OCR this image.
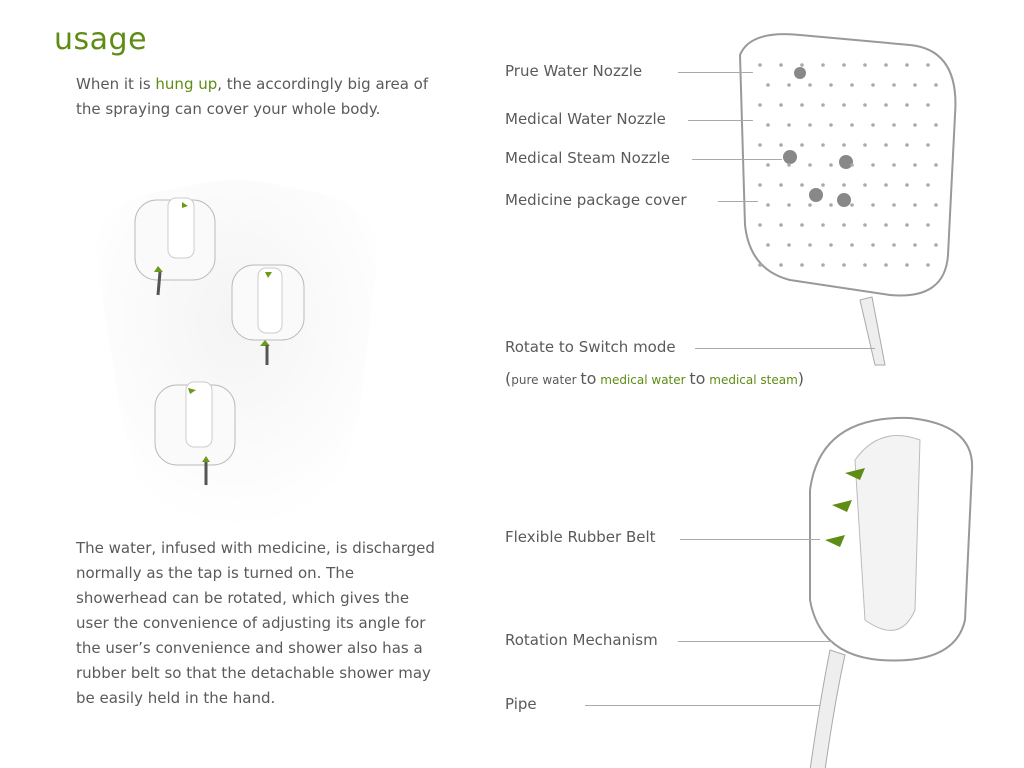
usage
When it is hung up, the accordingly big area of the spraying can cover your whole body.
The water, infused with medicine, is discharged normally as the tap is turned on. The showerhead can be rotated, which gives the user the convenience of adjusting its angle for the user’s convenience and shower also has a rubber belt so that the detachable shower may be easily held in the hand.
Prue Water Nozzle
Medical Water Nozzle
Medical Steam Nozzle
Medicine package cover
Rotate to Switch mode
(pure water to medical water to medical steam)
Flexible Rubber Belt
Rotation Mechanism
Pipe
